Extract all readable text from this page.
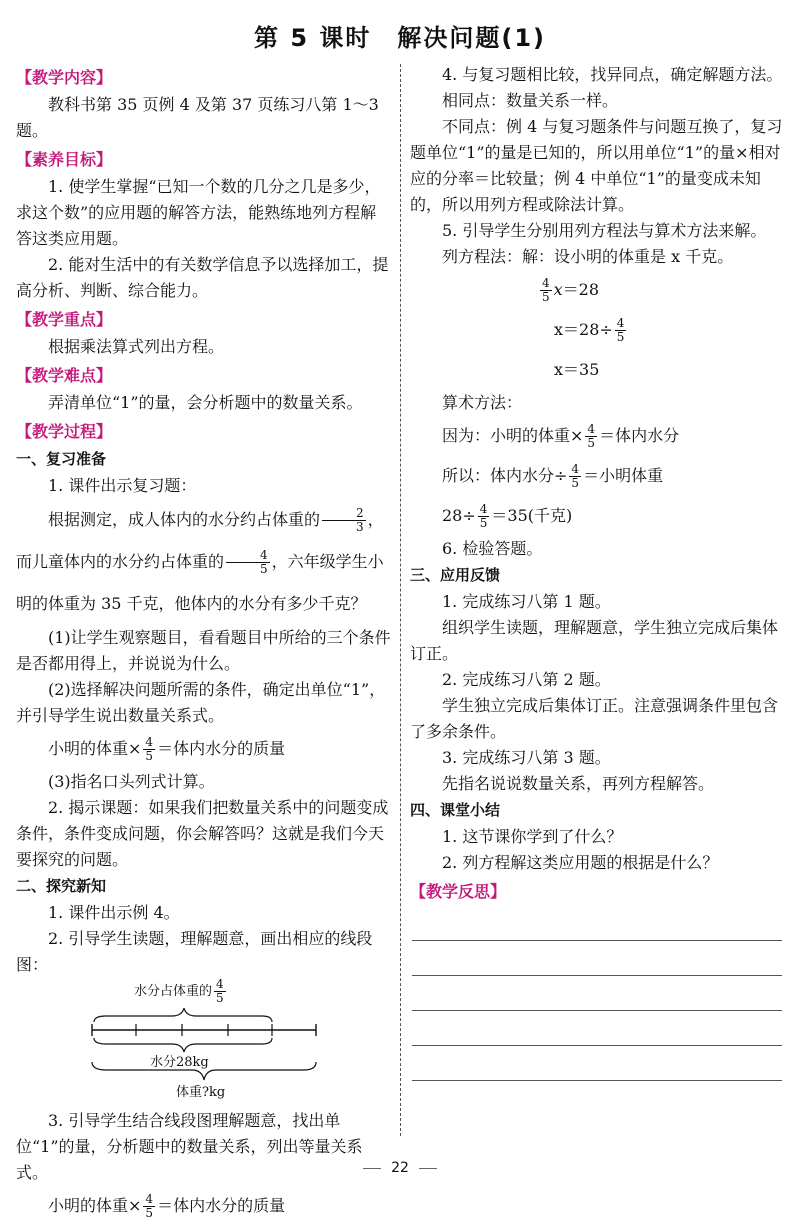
第 5 课时　解决问题(1)
【教学内容】

教科书第 35 页例 4 及第 37 页练习八第 1～3 题。

【素养目标】

1. 使学生掌握“已知一个数的几分之几是多少，求这个数”的应用题的解答方法，能熟练地列方程解答这类应用题。

2. 能对生活中的有关数学信息予以选择加工，提高分析、判断、综合能力。

【教学重点】

根据乘法算式列出方程。

【教学难点】

弄清单位“1”的量，会分析题中的数量关系。

【教学过程】
一、复习准备

1. 课件出示复习题：

根据测定，成人体内的水分约占体重的 $\frac{2}{3}$ ，而儿童体内的水分约占体重的 $\frac{4}{5}$ ，六年级学生小明的体重为 35 千克，他体内的水分有多少千克？

(1)让学生观察题目，看看题目中所给的三个条件是否都用得上，并说说为什么。

(2)选择解决问题所需的条件，确定出单位“1”，并引导学生说出数量关系式。

小明的体重× $\frac{4}{5}$ ＝体内水分的质量

(3)指名口头列式计算。

2. 揭示课题：如果我们把数量关系中的问题变成条件，条件变成问题，你会解答吗？这就是我们今天要探究的问题。

二、探究新知

1. 课件出示例 4。

2. 引导学生读题，理解题意，画出相应的线段图：

水分占体重的 $\frac{4}{5}$
水分28kg
体重?kg

3. 引导学生结合线段图理解题意，找出单位“1”的量，分析题中的数量关系，列出等量关系式。

小明的体重× $\frac{4}{5}$ ＝体内水分的质量

4. 与复习题相比较，找异同点，确定解题方法。

相同点：数量关系一样。

不同点：例 4 与复习题条件与问题互换了，复习题单位“1”的量是已知的，所以用单位“1”的量×相对应的分率＝比较量；例 4 中单位“1”的量变成未知的，所以用列方程或除法计算。

5. 引导学生分别用列方程法与算术方法来解。

列方程法：解：设小明的体重是 x 千克。

$\frac{4}{5} x=28$

$x=28\div \frac{4}{5}$

x＝35

算术方法：

因为：小明的体重× $\frac{4}{5}$ ＝体内水分

所以：体内水分÷ $\frac{4}{5}$ ＝小明体重

$28\div \frac{4}{5} =35$(千克)

6. 检验答题。

三、应用反馈

1. 完成练习八第 1 题。

组织学生读题，理解题意，学生独立完成后集体订正。

2. 完成练习八第 2 题。

学生独立完成后集体订正。注意强调条件里包含了多余条件。

3. 完成练习八第 3 题。

先指名说说数量关系，再列方程解答。

四、课堂小结

1. 这节课你学到了什么？

2. 列方程解这类应用题的根据是什么？

【教学反思】
22
